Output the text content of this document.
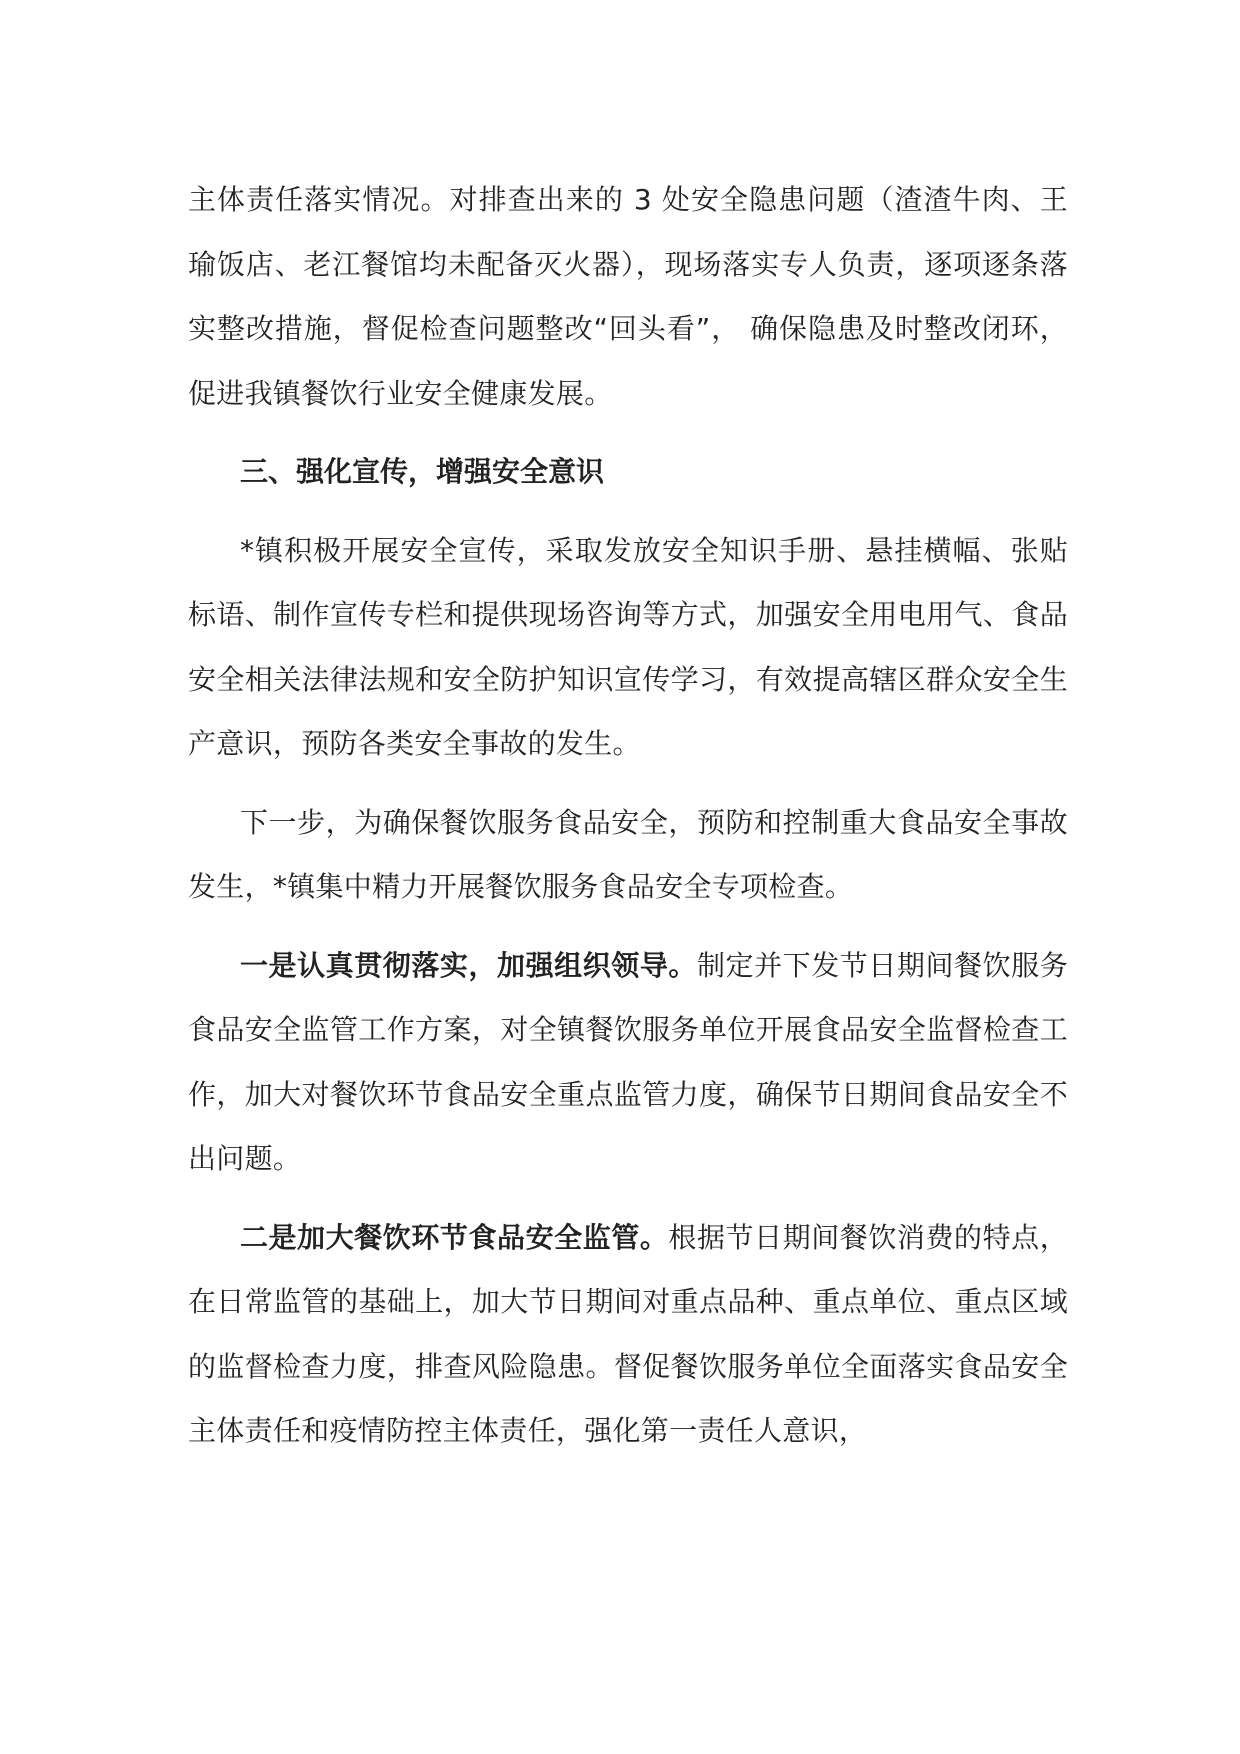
主体责任落实情况。对排查出来的 3 处安全隐患问题（渣渣牛肉、王瑜饭店、老江餐馆均未配备灭火器），现场落实专人负责，逐项逐条落实整改措施，督促检查问题整改“回头看”， 确保隐患及时整改闭环，促进我镇餐饮行业安全健康发展。

三、强化宣传，增强安全意识

*镇积极开展安全宣传，采取发放安全知识手册、悬挂横幅、张贴标语、制作宣传专栏和提供现场咨询等方式，加强安全用电用气、食品安全相关法律法规和安全防护知识宣传学习，有效提高辖区群众安全生产意识，预防各类安全事故的发生。

下一步，为确保餐饮服务食品安全，预防和控制重大食品安全事故发生，*镇集中精力开展餐饮服务食品安全专项检查。

一是认真贯彻落实，加强组织领导。制定并下发节日期间餐饮服务食品安全监管工作方案，对全镇餐饮服务单位开展食品安全监督检查工作，加大对餐饮环节食品安全重点监管力度，确保节日期间食品安全不出问题。

二是加大餐饮环节食品安全监管。根据节日期间餐饮消费的特点，在日常监管的基础上，加大节日期间对重点品种、重点单位、重点区域的监督检查力度，排查风险隐患。督促餐饮服务单位全面落实食品安全主体责任和疫情防控主体责任，强化第一责任人意识，
